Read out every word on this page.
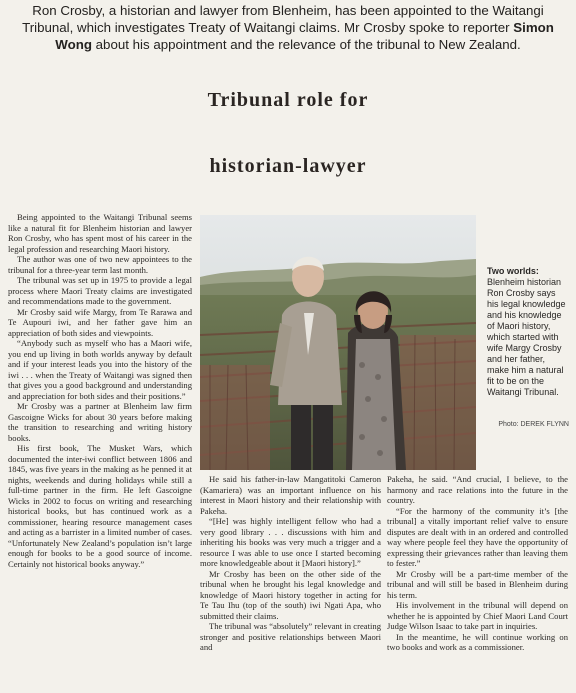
Ron Crosby, a historian and lawyer from Blenheim, has been appointed to the Waitangi Tribunal, which investigates Treaty of Waitangi claims. Mr Crosby spoke to reporter Simon Wong about his appointment and the relevance of the tribunal to New Zealand.
Tribunal role for
historian-lawyer

Being appointed to the Waitangi Tribunal seems like a natural fit for Blenheim historian and lawyer Ron Crosby, who has spent most of his career in the legal profession and researching Maori history.

The author was one of two new appointees to the tribunal for a three-year term last month.

The tribunal was set up in 1975 to provide a legal process where Maori Treaty claims are investigated and recommendations made to the government.

Mr Crosby said wife Margy, from Te Rarawa and Te Aupouri iwi, and her father gave him an appreciation of both sides and viewpoints.

“Anybody such as myself who has a Maori wife, you end up living in both worlds anyway by default and if your interest leads you into the history of the iwi . . . when the Treaty of Waitangi was signed then that gives you a good background and understanding and appreciation for both sides and their positions.”

Mr Crosby was a partner at Blenheim law firm Gascoigne Wicks for about 30 years before making the transition to researching and writing history books.

His first book, The Musket Wars, which documented the inter-iwi conflict between 1806 and 1845, was five years in the making as he penned it at nights, weekends and during holidays while still a full-time partner in the firm. He left Gascoigne Wicks in 2002 to focus on writing and researching historical books, but has continued work as a commissioner, hearing resource management cases and acting as a barrister in a limited number of cases. “Unfortunately New Zealand’s population isn’t large enough for books to be a good source of income. Certainly not historical books anyway.”

Two worlds:
Blenheim historian Ron Crosby says his legal knowledge and his knowledge of Maori history, which started with wife Margy Crosby and her father, make him a natural fit to be on the Waitangi Tribunal.
Photo: DEREK FLYNN

He said his father-in-law Mangatitoki Cameron (Kamariera) was an important influence on his interest in Maori history and their relationship with Pakeha.

“[He] was highly intelligent fellow who had a very good library . . . discussions with him and inheriting his books was very much a trigger and a resource I was able to use once I started becoming more knowledgeable about it [Maori history].”

Mr Crosby has been on the other side of the tribunal when he brought his legal knowledge and knowledge of Maori history together in acting for Te Tau Ihu (top of the south) iwi Ngati Apa, who submitted their claims.

The tribunal was “absolutely” relevant in creating stronger and positive relationships between Maori and

Pakeha, he said. “And crucial, I believe, to the harmony and race relations into the future in the country.

“For the harmony of the community it’s [the tribunal] a vitally important relief valve to ensure disputes are dealt with in an ordered and controlled way where people feel they have the opportunity of expressing their grievances rather than leaving them to fester.”

Mr Crosby will be a part-time member of the tribunal and will still be based in Blenheim during his term.

His involvement in the tribunal will depend on whether he is appointed by Chief Maori Land Court Judge Wilson Isaac to take part in inquiries.

In the meantime, he will continue working on two books and work as a commissioner.
